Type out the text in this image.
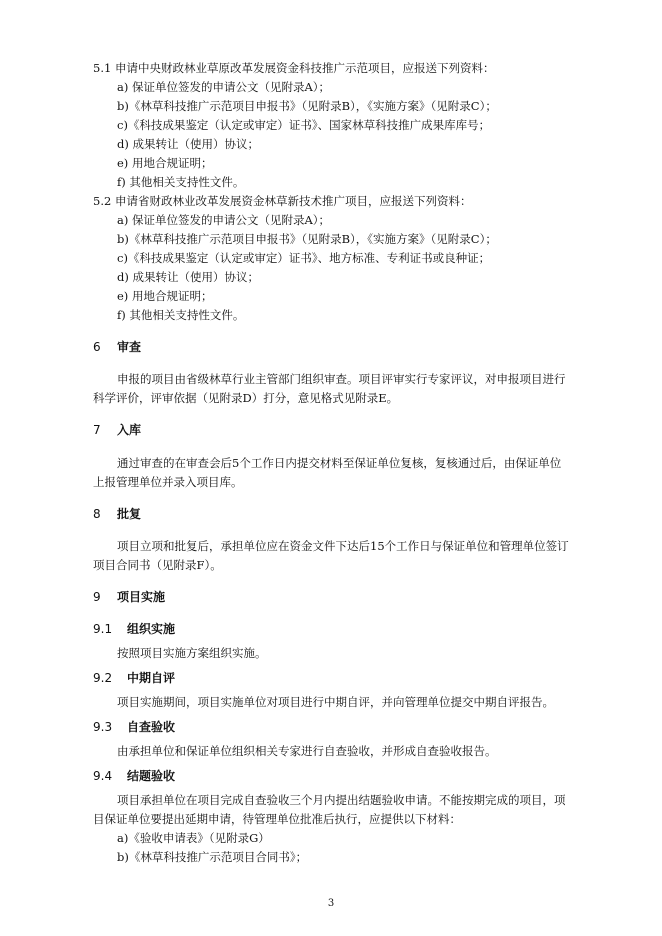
5.1 申请中央财政林业草原改革发展资金科技推广示范项目，应报送下列资料：
a) 保证单位签发的申请公文（见附录A）；
b)《林草科技推广示范项目申报书》（见附录B），《实施方案》（见附录C）；
c)《科技成果鉴定（认定或审定）证书》、国家林草科技推广成果库库号；
d) 成果转让（使用）协议；
e) 用地合规证明；
f) 其他相关支持性文件。
5.2 申请省财政林业改革发展资金林草新技术推广项目，应报送下列资料：
a) 保证单位签发的申请公文（见附录A）；
b)《林草科技推广示范项目申报书》（见附录B），《实施方案》（见附录C）；
c)《科技成果鉴定（认定或审定）证书》、地方标准、专利证书或良种证；
d) 成果转让（使用）协议；
e) 用地合规证明；
f) 其他相关支持性文件。
6 审查
申报的项目由省级林草行业主管部门组织审查。项目评审实行专家评议，对申报项目进行
科学评价，评审依据（见附录D）打分，意见格式见附录E。
7 入库
通过审查的在审查会后5个工作日内提交材料至保证单位复核，复核通过后，由保证单位
上报管理单位并录入项目库。
8 批复
项目立项和批复后，承担单位应在资金文件下达后15个工作日与保证单位和管理单位签订
项目合同书（见附录F）。
9 项目实施
9.1 组织实施
按照项目实施方案组织实施。
9.2 中期自评
项目实施期间，项目实施单位对项目进行中期自评，并向管理单位提交中期自评报告。
9.3 自查验收
由承担单位和保证单位组织相关专家进行自查验收，并形成自查验收报告。
9.4 结题验收
项目承担单位在项目完成自查验收三个月内提出结题验收申请。不能按期完成的项目，项
目保证单位要提出延期申请，待管理单位批准后执行，应提供以下材料：
a)《验收申请表》（见附录G）
b)《林草科技推广示范项目合同书》；
3
